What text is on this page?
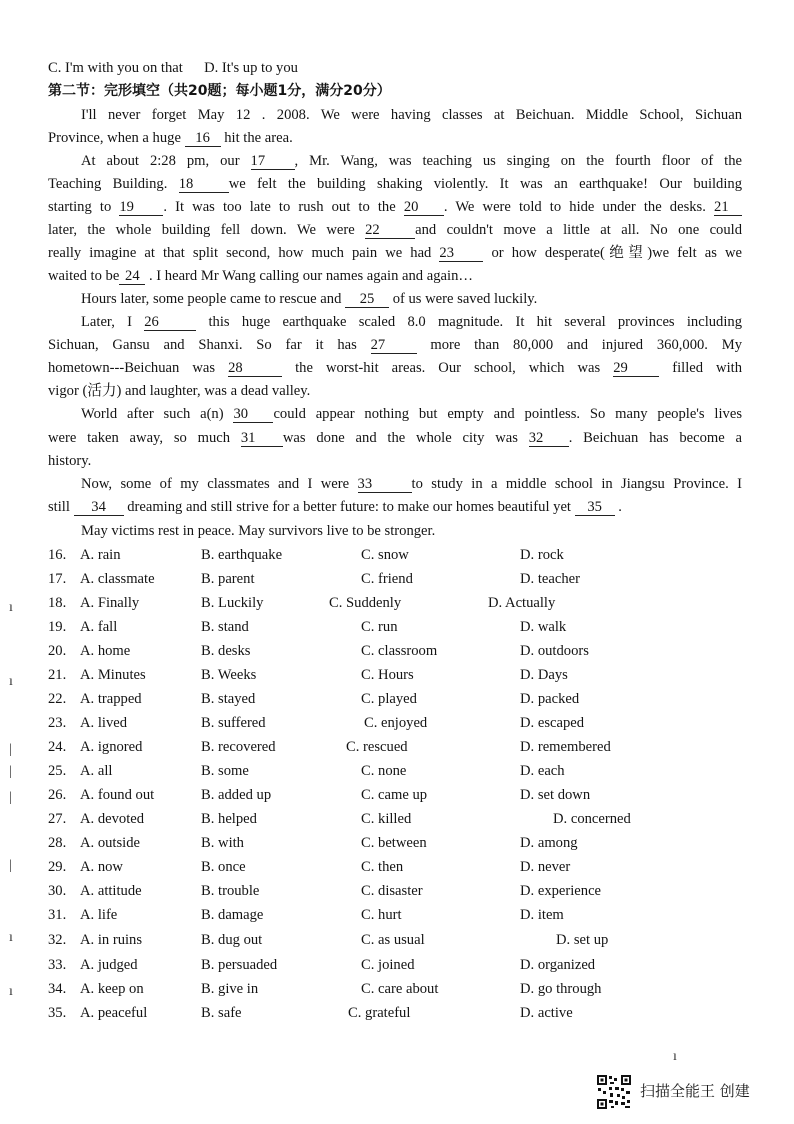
C. I'm with you on that D. It's up to you
第二节：完形填空（共20题；每小题1分，满分20分）
I'll never forget May 12 . 2008. We were having classes at Beichuan. Middle School, Sichuan
Province, when a huge 16 hit the area.
At about 2:28 pm, our 17 , Mr. Wang, was teaching us singing on the fourth floor of the
Teaching Building. 18 we felt the building shaking violently. It was an earthquake! Our building
starting to 19 . It was too late to rush out to the 20 . We were told to hide under the desks. 21
later, the whole building fell down. We were 22 and couldn't move a little at all. No one could
really imagine at that split second, how much pain we had 23	or how desperate(绝望)we felt as we
waited to be 24 . I heard Mr Wang calling our names again and again…
Hours later, some people came to rescue and 25 of us were saved luckily.
Later, I 26	this huge earthquake scaled 8.0 magnitude. It hit several provinces including
Sichuan, Gansu and Shanxi. So far it has 27	more than 80,000 and injured 360,000. My
hometown---Beichuan was 28	the worst-hit areas. Our school, which was 29	filled with
vigor (活力) and laughter, was a dead valley.
World after such a(n) 30 could appear nothing but empty and pointless. So many people's lives
were taken away, so much 31 was done and the whole city was 32 . Beichuan has become a
history.
Now, some of my classmates and I were 33	to study in a middle school in Jiangsu Province. I
still 34 dreaming and still strive for a better future: to make our homes beautiful yet 35 .
May victims rest in peace. May survivors live to be stronger.
16. A. rain	B. earthquake	C. snow	D. rock
17. A. classmate	B. parent	C. friend	D. teacher
18. A. Finally	B. Luckily	C. Suddenly	D. Actually
19. A. fall	B. stand	C. run	D. walk
20. A. home	B. desks	C. classroom	D. outdoors
21. A. Minutes	B. Weeks	C. Hours	D. Days
22. A. trapped	B. stayed	C. played	D. packed
23. A. lived	B. suffered	C. enjoyed	D. escaped
24. A. ignored	B. recovered	C. rescued	D. remembered
25. A. all	B. some	C. none	D. each
26. A. found out	B. added up	C. came up	D. set down
27. A. devoted	B. helped	C. killed	D. concerned
28. A. outside	B. with	C. between	D. among
29. A. now	B. once	C. then	D. never
30. A. attitude	B. trouble	C. disaster	D. experience
31. A. life	B. damage	C. hurt	D. item
32. A. in ruins	B. dug out	C. as usual	D. set up
33. A. judged	B. persuaded	C. joined	D. organized
34. A. keep on	B. give in	C. care about	D. go through
35. A. peaceful	B. safe	C. grateful	D. active
ı
ı
|
|
|
|
ı
ı
ı
扫描全能王 创建
